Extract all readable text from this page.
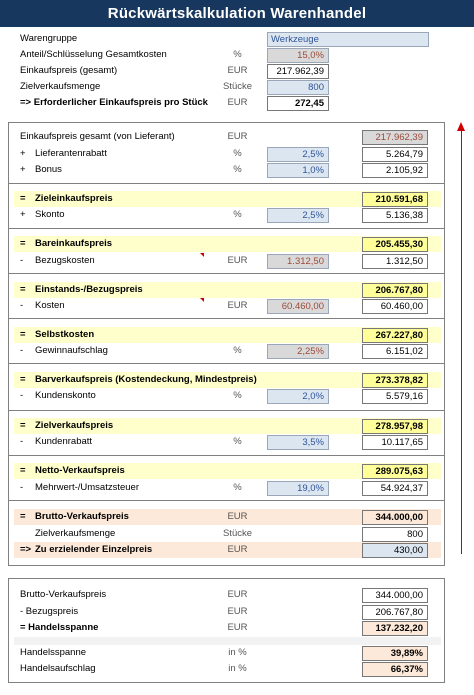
Rückwärtskalkulation Warenhandel
Warengruppe	Werkzeuge
Anteil/Schlüsselung Gesamtkosten	%	15,0%
Einkaufspreis (gesamt)	EUR	217.962,39
Zielverkaufsmenge	Stücke	800
=> Erforderlicher Einkaufspreis pro Stück	EUR	272,45
Einkaufspreis gesamt (von Lieferant)	EUR	217.962,39
+ Lieferantenrabatt	%	2,5%	5.264,79
+ Bonus	%	1,0%	2.105,92
= Zieleinkaufspreis	210.591,68
+ Skonto	%	2,5%	5.136,38
= Bareinkaufspreis	205.455,30
-	Bezugskosten	EUR	1.312,50	1.312,50
= Einstands-/Bezugspreis	206.767,80
-	Kosten	EUR	60.460,00	60.460,00
= Selbstkosten	267.227,80
-	Gewinnaufschlag	%	2,25%	6.151,02
= Barverkaufspreis (Kostendeckung, Mindestpreis)	273.378,82
-	Kundenskonto	%	2,0%	5.579,16
= Zielverkaufspreis	278.957,98
-	Kundenrabatt	%	3,5%	10.117,65
= Netto-Verkaufspreis	289.075,63
-	Mehrwert-/Umsatzsteuer	%	19,0%	54.924,37
= Brutto-Verkaufspreis	EUR	344.000,00
Zielverkaufsmenge	Stücke	800
=> Zu erzielender Einzelpreis	EUR	430,00
Brutto-Verkaufspreis	EUR	344.000,00
- Bezugspreis	EUR	206.767,80
= Handelsspanne	EUR	137.232,20
Handelsspanne	in %	39,89%
Handelsaufschlag	in %	66,37%
